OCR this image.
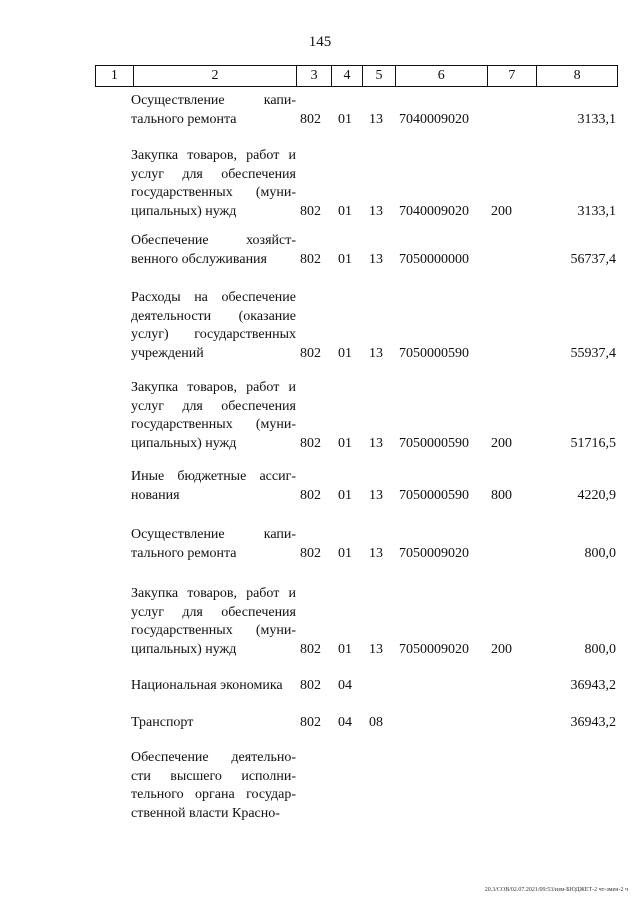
145
1	2	3	4	5	6	7	8
Осуществление капи-
тального ремонта	802 01 13 7040009020	3133,1
Закупка товаров, работ и
услуг для обеспечения
государственных (муни-
ципальных) нужд	802 01 13 7040009020 200	3133,1
Обеспечение хозяйст-
венного обслуживания	802 01 13 7050000000	56737,4
Расходы на обеспечение
деятельности (оказание
услуг) государственных
учреждений	802 01 13 7050000590	55937,4
Закупка товаров, работ и
услуг для обеспечения
государственных (муни-
ципальных) нужд	802 01 13 7050000590 200	51716,5
Иные бюджетные ассиг-
нования	802 01 13 7050000590 800	4220,9
Осуществление капи-
тального ремонта	802 01 13 7050009020	800,0
Закупка товаров, работ и
услуг для обеспечения
государственных (муни-
ципальных) нужд	802 01 13 7050009020 200	800,0
Национальная экономика	802 04	36943,2
Транспорт	802 04 08	36943,2
Обеспечение деятельно-
сти высшего исполни-
тельного органа государ-
ственной власти Красно-
20.3/СОВ/02.07.2021/09:53/изм-БЮДЖЕТ-2 чт-эмен-2 ч
